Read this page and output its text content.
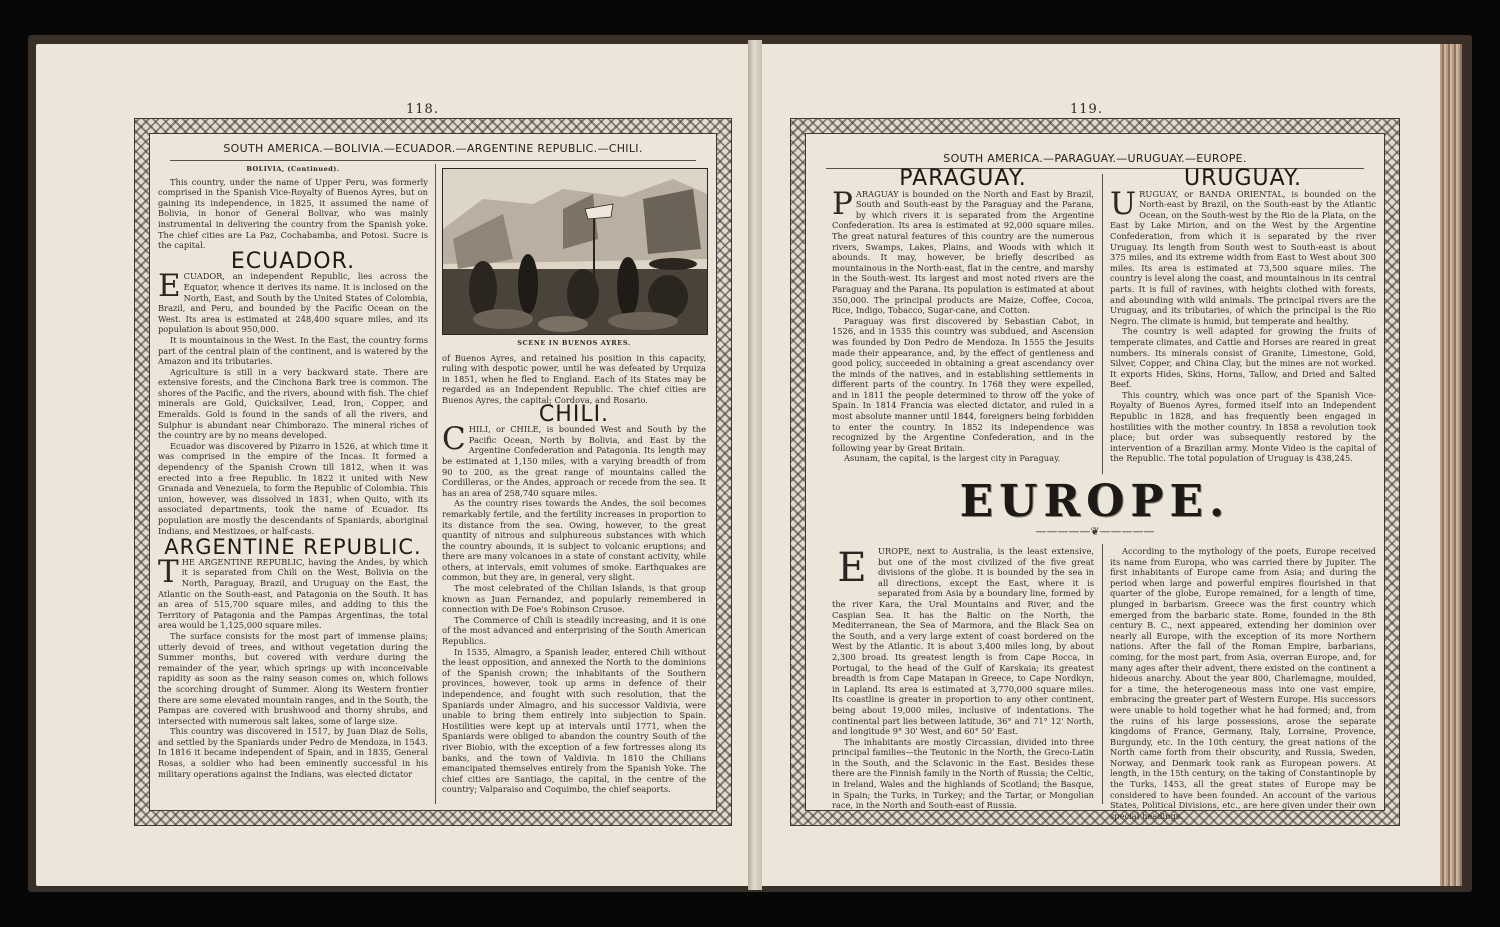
118.
SOUTH AMERICA.—BOLIVIA.—ECUADOR.—ARGENTINE REPUBLIC.—CHILI.
BOLIVIA, (Continued).

This country, under the name of Upper Peru, was formerly comprised in the Spanish Vice-Royalty of Buenos Ayres, but on gaining its independence, in 1825, it assumed the name of Bolivia, in honor of General Bolivar, who was mainly instrumental in delivering the country from the Spanish yoke. The chief cities are La Paz, Cochabamba, and Potosi. Sucre is the capital.

ECUADOR.

ECUADOR, an independent Republic, lies across the Equator, whence it derives its name. It is inclosed on the North, East, and South by the United States of Colombia, Brazil, and Peru, and bounded by the Pacific Ocean on the West. Its area is estimated at 248,400 square miles, and its population is about 950,000.

It is mountainous in the West. In the East, the country forms part of the central plain of the continent, and is watered by the Amazon and its tributaries.

Agriculture is still in a very backward state. There are extensive forests, and the Cinchona Bark tree is common. The shores of the Pacific, and the rivers, abound with fish. The chief minerals are Gold, Quicksilver, Lead, Iron, Copper, and Emeralds. Gold is found in the sands of all the rivers, and Sulphur is abundant near Chimborazo. The mineral riches of the country are by no means developed.

Ecuador was discovered by Pizarro in 1526, at which time it was comprised in the empire of the Incas. It formed a dependency of the Spanish Crown till 1812, when it was erected into a free Republic. In 1822 it united with New Granada and Venezuela, to form the Republic of Colombia. This union, however, was dissolved in 1831, when Quito, with its associated departments, took the name of Ecuador. Its population are mostly the descendants of Spaniards, aboriginal Indians, and Mestizoes, or half-casts.

ARGENTINE REPUBLIC.

THE ARGENTINE REPUBLIC, having the Andes, by which it is separated from Chili on the West, Bolivia on the North, Paraguay, Brazil, and Uruguay on the East, the Atlantic on the South-east, and Patagonia on the South. It has an area of 515,700 square miles, and adding to this the Territory of Patagonia and the Pampas Argentinas, the total area would be 1,125,000 square miles.

The surface consists for the most part of immense plains; utterly devoid of trees, and without vegetation during the Summer months, but covered with verdure during the remainder of the year, which springs up with inconceivable rapidity as soon as the rainy season comes on, which follows the scorching drought of Summer. Along its Western frontier there are some elevated mountain ranges, and in the South, the Pampas are covered with brushwood and thorny shrubs, and intersected with numerous salt lakes, some of large size.

This country was discovered in 1517, by Juan Diaz de Solis, and settled by the Spaniards under Pedro de Mendoza, in 1543. In 1816 it became independent of Spain, and in 1835, General Rosas, a soldier who had been eminently successful in his military operations against the Indians, was elected dictator

SCENE IN BUENOS AYRES.

of Buenos Ayres, and retained his position in this capacity, ruling with despotic power, until he was defeated by Urquiza in 1851, when he fled to England. Each of its States may be regarded as an Independent Republic. The chief cities are Buenos Ayres, the capital; Cordova, and Rosario.

CHILI.

CHILI, or CHILE, is bounded West and South by the Pacific Ocean, North by Bolivia, and East by the Argentine Confederation and Patagonia. Its length may be estimated at 1,150 miles, with a varying breadth of from 90 to 200, as the great range of mountains called the Cordilleras, or the Andes, approach or recede from the sea. It has an area of 258,740 square miles.

As the country rises towards the Andes, the soil becomes remarkably fertile, and the fertility increases in proportion to its distance from the sea. Owing, however, to the great quantity of nitrous and sulphureous substances with which the country abounds, it is subject to volcanic eruptions; and there are many volcanoes in a state of constant activity, while others, at intervals, emit volumes of smoke. Earthquakes are common, but they are, in general, very slight.

The most celebrated of the Chilian Islands, is that group known as Juan Fernandez, and popularly remembered in connection with De Foe's Robinson Crusoe.

The Commerce of Chili is steadily increasing, and it is one of the most advanced and enterprising of the South American Republics.

In 1535, Almagro, a Spanish leader, entered Chili without the least opposition, and annexed the North to the dominions of the Spanish crown; the inhabitants of the Southern provinces, however, took up arms in defence of their independence, and fought with such resolution, that the Spaniards under Almagro, and his successor Valdivia, were unable to bring them entirely into subjection to Spain. Hostilities were kept up at intervals until 1771, when the Spaniards were obliged to abandon the country South of the river Biobio, with the exception of a few fortresses along its banks, and the town of Valdivia. In 1810 the Chilians emancipated themselves entirely from the Spanish Yoke. The chief cities are Santiago, the capital, in the centre of the country; Valparaiso and Coquimbo, the chief seaports.

119.
SOUTH AMERICA.—PARAGUAY.—URUGUAY.—EUROPE.
PARAGUAY.

PARAGUAY is bounded on the North and East by Brazil, South and South-east by the Paraguay and the Parana, by which rivers it is separated from the Argentine Confederation. Its area is estimated at 92,000 square miles. The great natural features of this country are the numerous rivers, Swamps, Lakes, Plains, and Woods with which it abounds. It may, however, be briefly described as mountainous in the North-east, flat in the centre, and marshy in the South-west. Its largest and most noted rivers are the Paraguay and the Parana. Its population is estimated at about 350,000. The principal products are Maize, Coffee, Cocoa, Rice, Indigo, Tobacco, Sugar-cane, and Cotton.

Paraguay was first discovered by Sebastian Cabot, in 1526, and in 1535 this country was subdued, and Ascension was founded by Don Pedro de Mendoza. In 1555 the Jesuits made their appearance, and, by the effect of gentleness and good policy, succeeded in obtaining a great ascendancy over the minds of the natives, and in establishing settlements in different parts of the country. In 1768 they were expelled, and in 1811 the people determined to throw off the yoke of Spain. In 1814 Francia was elected dictator, and ruled in a most absolute manner until 1844, foreigners being forbidden to enter the country. In 1852 its independence was recognized by the Argentine Confederation, and in the following year by Great Britain.

Asunam, the capital, is the largest city in Paraguay.

URUGUAY.

URUGUAY, or BANDA ORIENTAL, is bounded on the North-east by Brazil, on the South-east by the Atlantic Ocean, on the South-west by the Rio de la Plata, on the East by Lake Mirion, and on the West by the Argentine Confederation, from which it is separated by the river Uruguay. Its length from South west to South-east is about 375 miles, and its extreme width from East to West about 300 miles. Its area is estimated at 73,500 square miles. The country is level along the coast, and mountainous in its central parts. It is full of ravines, with heights clothed with forests, and abounding with wild animals. The principal rivers are the Uruguay, and its tributaries, of which the principal is the Rio Negro. The climate is humid, but temperate and healthy.

The country is well adapted for growing the fruits of temperate climates, and Cattle and Horses are reared in great numbers. Its minerals consist of Granite, Limestone, Gold, Silver, Copper, and China Clay, but the mines are not worked. It exports Hides, Skins, Horns, Tallow, and Dried and Salted Beef.

This country, which was once part of the Spanish Vice-Royalty of Buenos Ayres, formed itself into an Independent Republic in 1828, and has frequently been engaged in hostilities with the mother country. In 1858 a revolution took place; but order was subsequently restored by the intervention of a Brazilian army. Monte Video is the capital of the Republic. The total population of Uruguay is 438,245.

EUROPE.
—————❦—————

E	UROPE, next to Australia, is the least extensive, but one of the most civilized of the five great divisions of the globe. It is bounded by the sea in all directions, except the East, where it is separated from Asia by a boundary line, formed by the river Kara, the Ural Mountains and River, and the Caspian Sea. It has the Baltic on the North, the Mediterranean, the Sea of Marmora, and the Black Sea on the South, and a very large extent of coast bordered on the West by the Atlantic. It is about 3,400 miles long, by about 2,300 broad. Its greatest length is from Cape Rocca, in Portugal, to the head of the Gulf of Karskaia; its greatest breadth is from Cape Matapan in Greece, to Cape Nordkyn, in Lapland. Its area is estimated at 3,770,000 square miles. Its coastline is greater in proportion to any other continent, being about 19,000 miles, inclusive of indentations. The continental part lies between latitude, 36° and 71° 12' North, and longitude 9° 30' West, and 60° 50' East.

The inhabitants are mostly Circassian, divided into three principal families—the Teutonic in the North, the Greco-Latin in the South, and the Sclavonic in the East. Besides these there are the Finnish family in the North of Russia; the Celtic, in Ireland, Wales and the highlands of Scotland; the Basque, in Spain; the Turks, in Turkey; and the Tartar, or Mongolian race, in the North and South-east of Russia.

According to the mythology of the poets, Europe received its name from Europa, who was carried there by Jupiter. The first inhabitants of Europe came from Asia; and during the period when large and powerful empires flourished in that quarter of the globe, Europe remained, for a length of time, plunged in barbarism. Greece was the first country which emerged from the barbaric state. Rome, founded in the 8th century B. C., next appeared, extending her dominion over nearly all Europe, with the exception of its more Northern nations. After the fall of the Roman Empire, barbarians, coming, for the most part, from Asia, overran Europe, and, for many ages after their advent, there existed on the continent a hideous anarchy. About the year 800, Charlemagne, moulded, for a time, the heterogeneous mass into one vast empire, embracing the greater part of Western Europe. His successors were unable to hold together what he had formed; and, from the ruins of his large possessions, arose the separate kingdoms of France, Germany, Italy, Lorraine, Provence, Burgundy, etc. In the 10th century, the great nations of the North came forth from their obscurity, and Russia, Sweden, Norway, and Denmark took rank as European powers. At length, in the 15th century, on the taking of Constantinople by the Turks, 1453, all the great states of Europe may be considered to have been founded. An account of the various States, Political Divisions, etc., are here given under their own special headings.
